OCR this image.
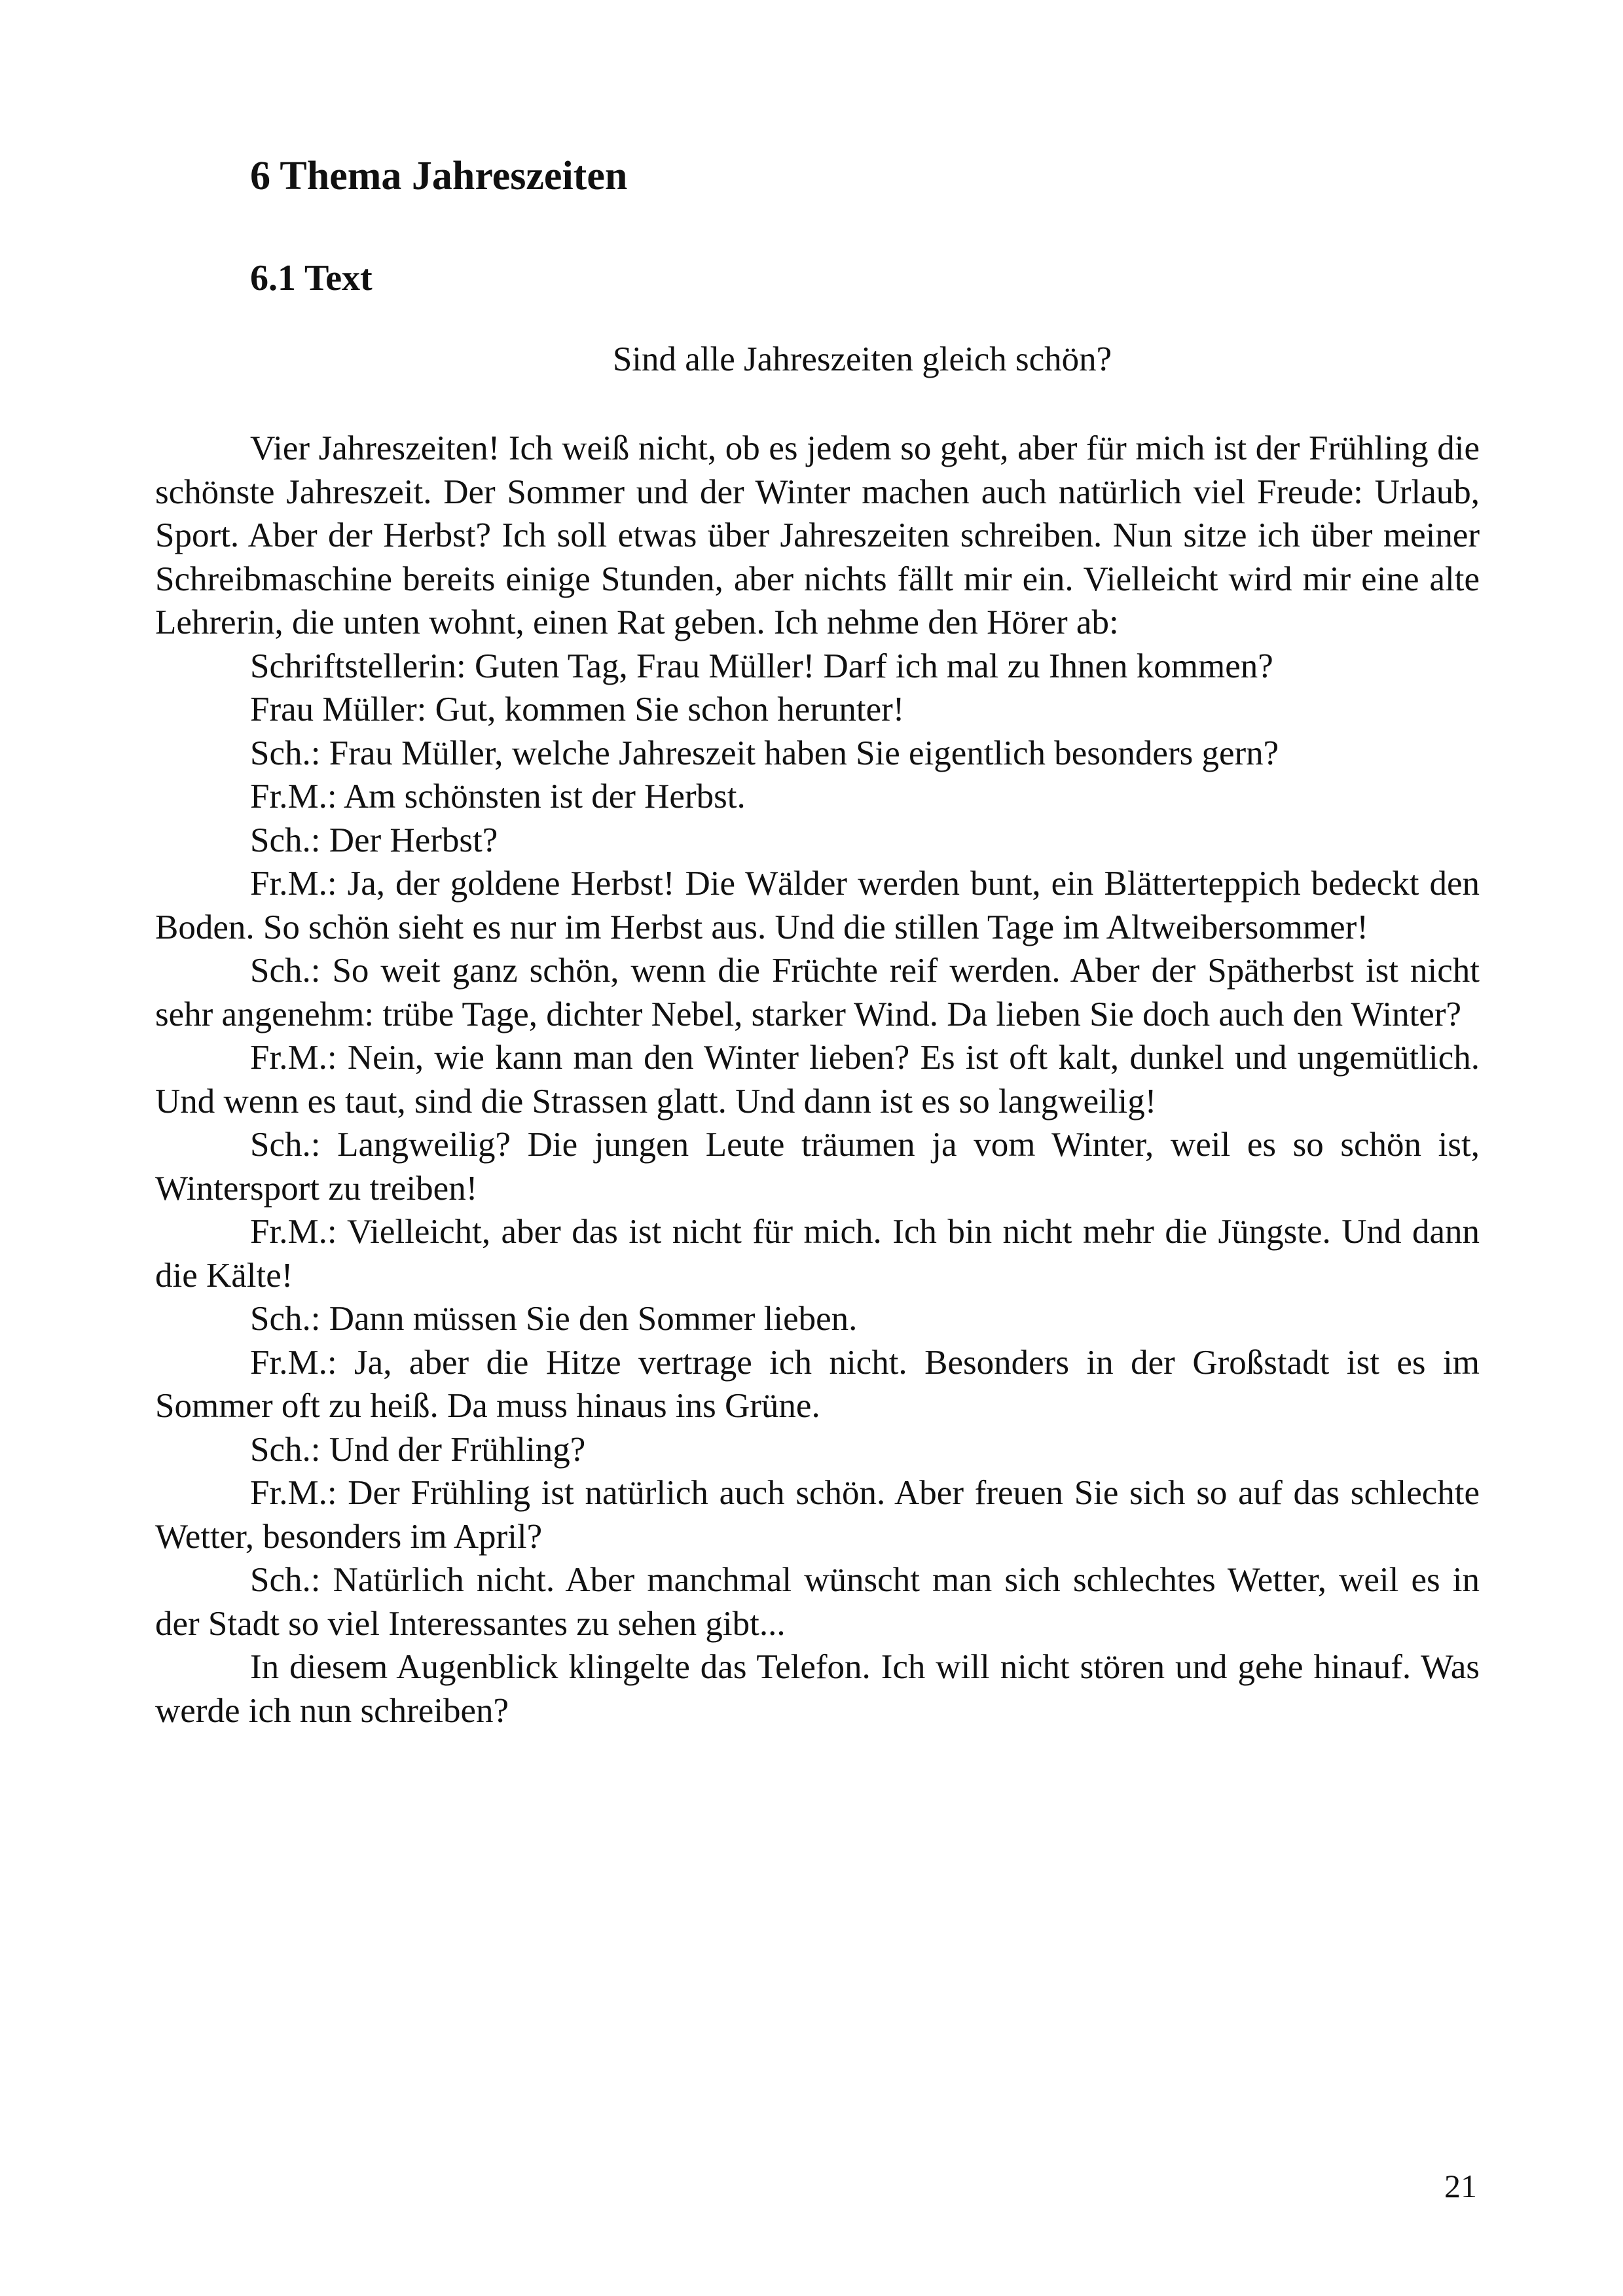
6 Thema Jahreszeiten
6.1 Text
Sind alle Jahreszeiten gleich schön?

Vier Jahreszeiten! Ich weiß nicht, ob es jedem so geht, aber für mich ist der Frühling die schönste Jahreszeit. Der Sommer und der Winter machen auch natürlich viel Freude: Urlaub, Sport. Aber der Herbst? Ich soll etwas über Jahreszeiten schreiben. Nun sitze ich über meiner Schreibmaschine bereits einige Stunden, aber nichts fällt mir ein. Vielleicht wird mir eine alte Lehrerin, die unten wohnt, einen Rat geben. Ich nehme den Hörer ab:

Schriftstellerin: Guten Tag, Frau Müller! Darf ich mal zu Ihnen kommen?

Frau Müller: Gut, kommen Sie schon herunter!

Sch.: Frau Müller, welche Jahreszeit haben Sie eigentlich besonders gern?

Fr.M.: Am schönsten ist der Herbst.

Sch.: Der Herbst?

Fr.M.: Ja, der goldene Herbst! Die Wälder werden bunt, ein Blätterteppich bedeckt den Boden. So schön sieht es nur im Herbst aus. Und die stillen Tage im Altweibersommer!

Sch.: So weit ganz schön, wenn die Früchte reif werden. Aber der Spätherbst ist nicht sehr angenehm: trübe Tage, dichter Nebel, starker Wind. Da lieben Sie doch auch den Winter?

Fr.M.: Nein, wie kann man den Winter lieben? Es ist oft kalt, dunkel und ungemütlich. Und wenn es taut, sind die Strassen glatt. Und dann ist es so langweilig!

Sch.: Langweilig? Die jungen Leute träumen ja vom Winter, weil es so schön ist, Wintersport zu treiben!

Fr.M.: Vielleicht, aber das ist nicht für mich. Ich bin nicht mehr die Jüngste. Und dann die Kälte!

Sch.: Dann müssen Sie den Sommer lieben.

Fr.M.: Ja, aber die Hitze vertrage ich nicht. Besonders in der Großstadt ist es im Sommer oft zu heiß. Da muss hinaus ins Grüne.

Sch.: Und der Frühling?

Fr.M.: Der Frühling ist natürlich auch schön. Aber freuen Sie sich so auf das schlechte Wetter, besonders im April?

Sch.: Natürlich nicht. Aber manchmal wünscht man sich schlechtes Wetter, weil es in der Stadt so viel Interessantes zu sehen gibt...

In diesem Augenblick klingelte das Telefon. Ich will nicht stören und gehe hinauf. Was werde ich nun schreiben?

21
